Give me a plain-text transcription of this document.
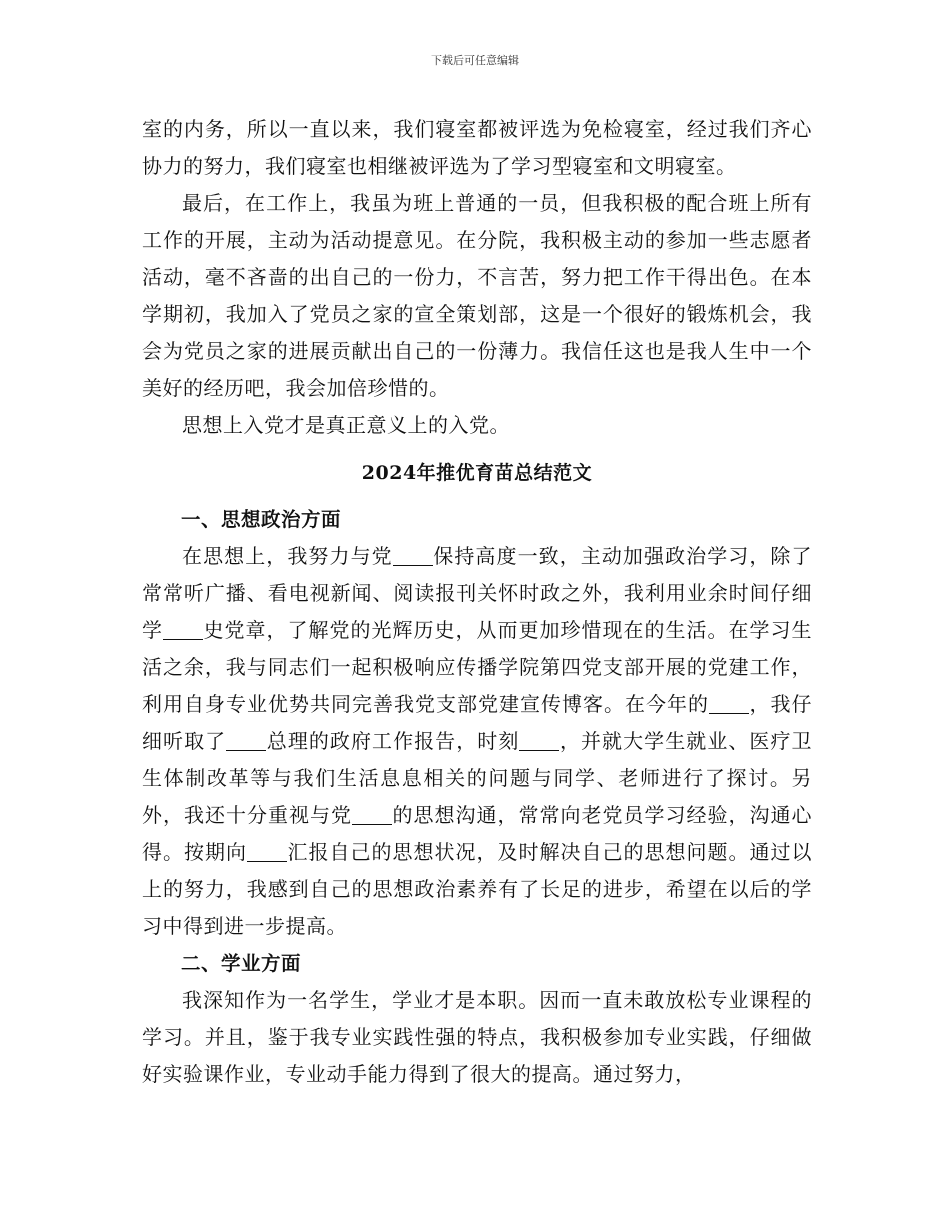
下载后可任意编辑

室的内务，所以一直以来，我们寝室都被评选为免检寝室，经过我们齐心协力的努力，我们寝室也相继被评选为了学习型寝室和文明寝室。

最后，在工作上，我虽为班上普通的一员，但我积极的配合班上所有工作的开展，主动为活动提意见。在分院，我积极主动的参加一些志愿者活动，毫不吝啬的出自己的一份力，不言苦，努力把工作干得出色。在本学期初，我加入了党员之家的宣全策划部，这是一个很好的锻炼机会，我会为党员之家的进展贡献出自己的一份薄力。我信任这也是我人生中一个美好的经历吧，我会加倍珍惜的。

思想上入党才是真正意义上的入党。

2024年推优育苗总结范文
一、思想政治方面

在思想上，我努力与党 保持高度一致，主动加强政治学习，除了常常听广播、看电视新闻、阅读报刊关怀时政之外，我利用业余时间仔细学 史党章，了解党的光辉历史，从而更加珍惜现在的生活。在学习生活之余，我与同志们一起积极响应传播学院第四党支部开展的党建工作，利用自身专业优势共同完善我党支部党建宣传博客。在今年的 ，我仔细听取了 总理的政府工作报告，时刻 ，并就大学生就业、医疗卫生体制改革等与我们生活息息相关的问题与同学、老师进行了探讨。另外，我还十分重视与党 的思想沟通，常常向老党员学习经验，沟通心得。按期向 汇报自己的思想状况，及时解决自己的思想问题。通过以上的努力，我感到自己的思想政治素养有了长足的进步，希望在以后的学习中得到进一步提高。

二、学业方面

我深知作为一名学生，学业才是本职。因而一直未敢放松专业课程的学习。并且，鉴于我专业实践性强的特点，我积极参加专业实践，仔细做好实验课作业，专业动手能力得到了很大的提高。通过努力，
